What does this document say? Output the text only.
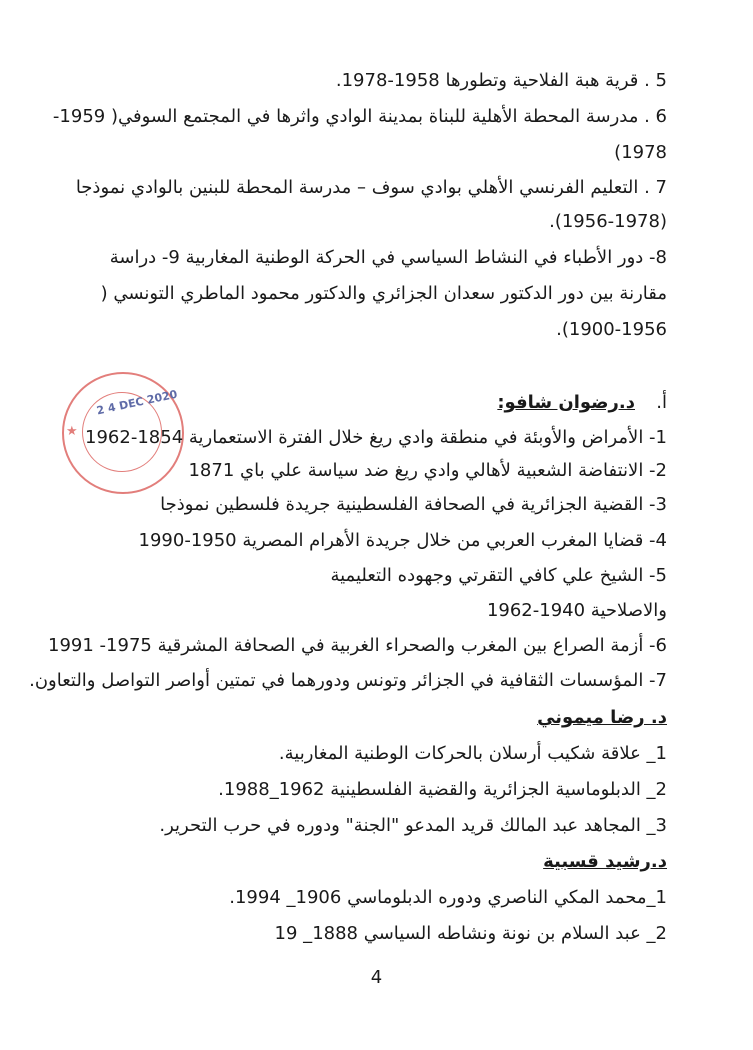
5 . قرية هبة الفلاحية وتطورها 1958-1978.
6 . مدرسة المحطة الأهلية للبناة بمدينة الوادي واثرها في المجتمع السوفي( 1959-
1978)
7 . التعليم الفرنسي الأهلي بوادي سوف – مدرسة المحطة للبنين بالوادي نموذجا
(1956-1978).
8- دور الأطباء في النشاط السياسي في الحركة الوطنية المغاربية 9- دراسة
مقارنة بين دور الدكتور سعدان الجزائري والدكتور محمود الماطري التونسي (
1900-1956).
2 4 DEC 2020
★
أ.
د.رضوان شافو:
1- الأمراض والأوبئة في منطقة وادي ريغ خلال الفترة الاستعمارية 1854-1962
2- الانتفاضة الشعبية لأهالي وادي ريغ ضد سياسة علي باي 1871
3- القضية الجزائرية في الصحافة الفلسطينية جريدة فلسطين نموذجا
4- قضايا المغرب العربي من خلال جريدة الأهرام المصرية 1950-1990
5- الشيخ علي كافي التقرتي وجهوده التعليمية
والاصلاحية 1940-1962
6- أزمة الصراع بين المغرب والصحراء الغربية في الصحافة المشرقية 1975- 1991
7- المؤسسات الثقافية في الجزائر وتونس ودورهما في تمتين أواصر التواصل والتعاون.
د. رضا ميموني
1_ علاقة شكيب أرسلان بالحركات الوطنية المغاربية.
2_ الدبلوماسية الجزائرية والقضية الفلسطينية 1962_1988.
3_ المجاهد عبد المالك قريد المدعو "الجنة" ودوره في حرب التحرير.
د.رشيد قسبية
1_محمد المكي الناصري ودوره الدبلوماسي 1906_ 1994.
2_ عبد السلام بن نونة ونشاطه السياسي 1888_ 19
4
